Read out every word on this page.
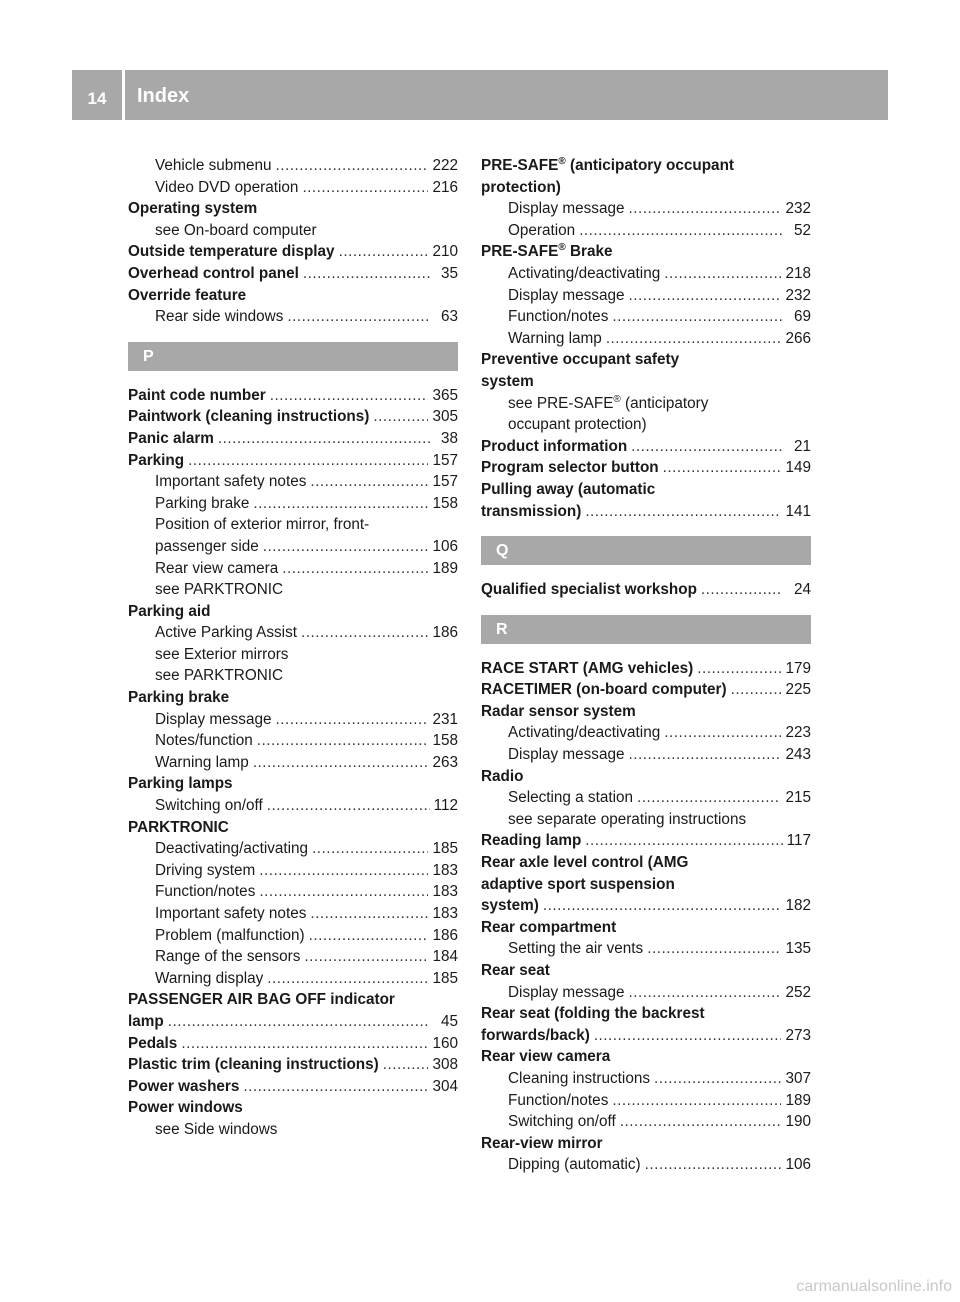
14	Index
Vehicle submenu .....	222
Video DVD operation .....	216
Operating system
see On-board computer
Outside temperature display .....	210
Overhead control panel .....	35
Override feature
Rear side windows .....	63
P
Paint code number .....	365
Paintwork (cleaning instructions) .....	305
Panic alarm .....	38
Parking .....	157
Important safety notes .....	157
Parking brake .....	158
Position of exterior mirror, front-
passenger side .....	106
Rear view camera .....	189
see PARKTRONIC
Parking aid
Active Parking Assist .....	186
see Exterior mirrors
see PARKTRONIC
Parking brake
Display message .....	231
Notes/function .....	158
Warning lamp .....	263
Parking lamps
Switching on/off .....	112
PARKTRONIC
Deactivating/activating .....	185
Driving system .....	183
Function/notes .....	183
Important safety notes .....	183
Problem (malfunction) .....	186
Range of the sensors .....	184
Warning display .....	185
PASSENGER AIR BAG OFF indicator
lamp .....	45
Pedals .....	160
Plastic trim (cleaning instructions) .....	308
Power washers .....	304
Power windows
see Side windows
PRE-SAFE® (anticipatory occupant
protection)
Display message .....	232
Operation .....	52
PRE-SAFE® Brake
Activating/deactivating .....	218
Display message .....	232
Function/notes .....	69
Warning lamp .....	266
Preventive occupant safety
system
see PRE-SAFE® (anticipatory
occupant protection)
Product information .....	21
Program selector button .....	149
Pulling away (automatic
transmission) .....	141
Q
Qualified specialist workshop .....	24
R
RACE START (AMG vehicles) .....	179
RACETIMER (on-board computer) .....	225
Radar sensor system
Activating/deactivating .....	223
Display message .....	243
Radio
Selecting a station .....	215
see separate operating instructions
Reading lamp .....	117
Rear axle level control (AMG
adaptive sport suspension
system) .....	182
Rear compartment
Setting the air vents .....	135
Rear seat
Display message .....	252
Rear seat (folding the backrest
forwards/back) .....	273
Rear view camera
Cleaning instructions .....	307
Function/notes .....	189
Switching on/off .....	190
Rear-view mirror
Dipping (automatic) .....	106
carmanualsonline.info
